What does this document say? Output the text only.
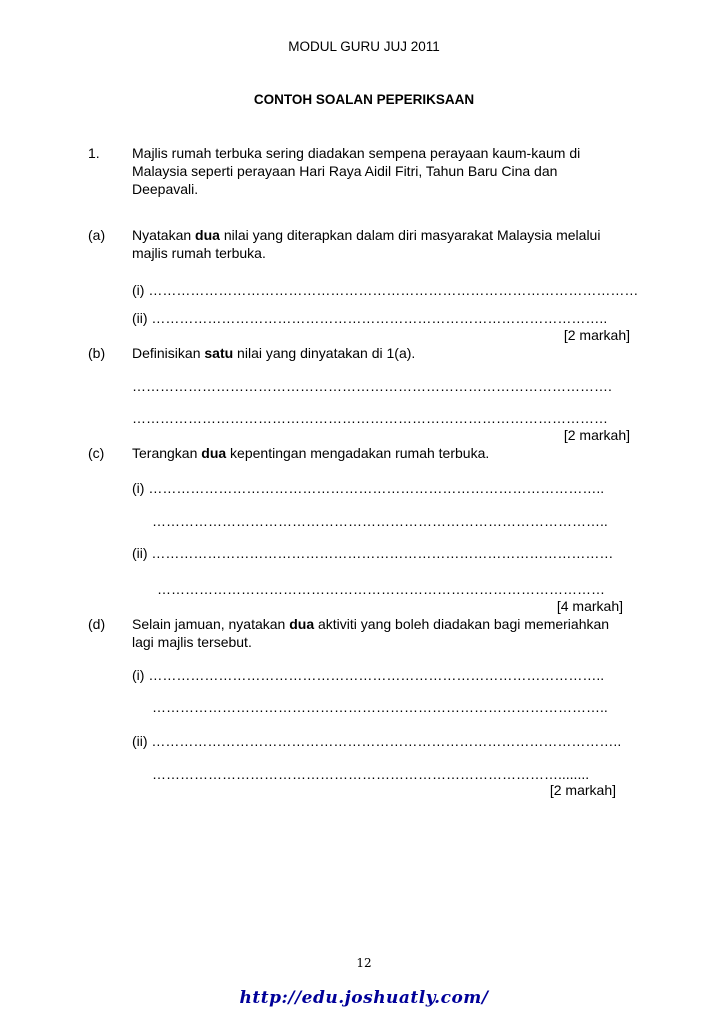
MODUL GURU JUJ 2011
CONTOH SOALAN PEPERIKSAAN
1. Majlis rumah terbuka sering diadakan sempena perayaan kaum-kaum di
Malaysia seperti perayaan Hari Raya Aidil Fitri, Tahun Baru Cina dan
Deepavali.
(a) Nyatakan dua nilai yang diterapkan dalam diri masyarakat Malaysia melalui
majlis rumah terbuka.
(i) ……………………………………………………………………………………………
(ii) ……………………………………………………………………………………..
[2 markah]
(b) Definisikan satu nilai yang dinyatakan di 1(a).
………………………………………………………………………………………….
…………………………………………………………………………………………
[2 markah]
(c) Terangkan dua kepentingan mengadakan rumah terbuka.
(i) ……………………………………………………………………………………..
……………………………………………………………………………………..
(ii) ………………………………………………………………………………………
……………………………………………………………………………………
[4 markah]
(d) Selain jamuan, nyatakan dua aktiviti yang boleh diadakan bagi memeriahkan
lagi majlis tersebut.
(i) ……………………………………………………………………………………..
……………………………………………………………………………………..
(ii) ………………………………………………………………………………………..
……………………………………………………………………………........
[2 markah]
12
http://edu.joshuatly.com/
